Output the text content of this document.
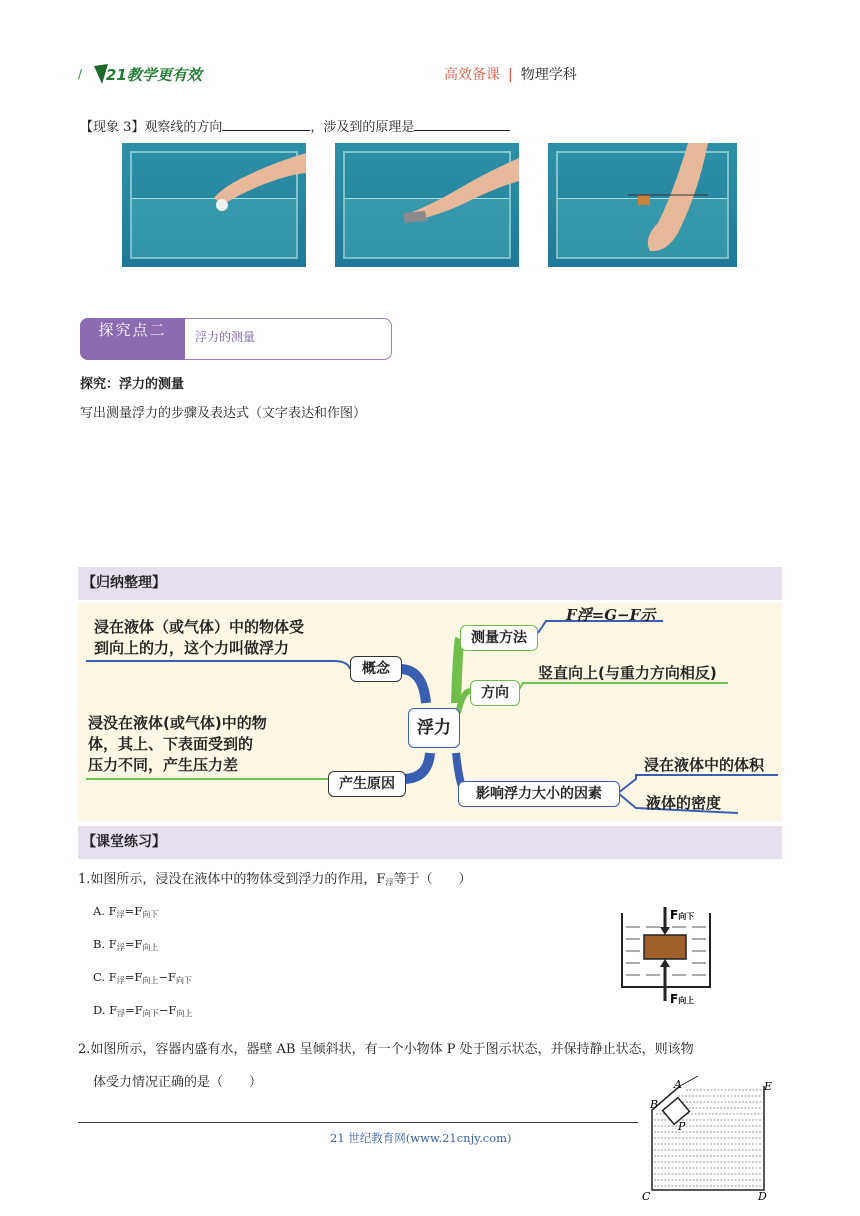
/ 21教学更有效	高效备课 | 物理学科
【现象 3】观察线的方向	，涉及到的原理是
探究点二	浮力的测量
探究：浮力的测量
写出测量浮力的步骤及表达式（文字表达和作图）
【归纳整理】
浸在液体（或气体）中的物体受
到向上的力，这个力叫做浮力
概念
浸没在液体(或气体)中的物
体，其上、下表面受到的
压力不同，产生压力差
产生原因
浮力
测量方法
F浮=G−F示
方向
竖直向上(与重力方向相反)
影响浮力大小的因素
浸在液体中的体积
液体的密度
【课堂练习】
1.如图所示，浸没在液体中的物体受到浮力的作用，$F_浮$等于（　　）
A. $F_浮=F_{向下}$
B. $F_浮=F_{向上}$
C. $F_浮=F_{向上}-F_{向下}$
D. $F_浮=F_{向下}-F_{向上}$
F向下
F向上
2.如图所示，容器内盛有水，器壁 AB 呈倾斜状，有一个小物体 P 处于图示状态，并保持静止状态，则该物
体受力情况正确的是（　　）	A
B
P
E
C	D
21 世纪教育网(www.21cnjy.com)
